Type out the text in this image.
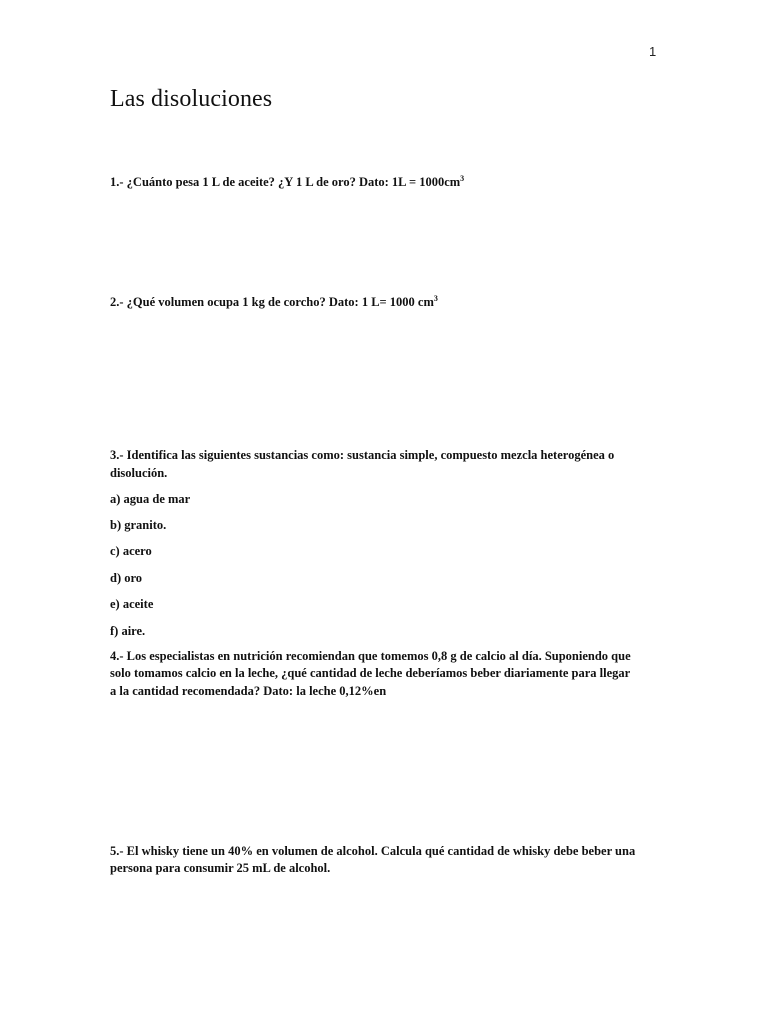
1
Las disoluciones

1.- ¿Cuánto pesa 1 L de aceite? ¿Y 1 L de oro? Dato: $1L = 1000cm^3$

2.- ¿Qué volumen ocupa 1 kg de corcho? Dato: 1 L= 1000 $cm^3$

3.- Identifica las siguientes sustancias como: sustancia simple, compuesto mezcla heterogénea o disolución.

a) agua de mar

b) granito.

c) acero

d) oro

e) aceite

f) aire.

4.- Los especialistas en nutrición recomiendan que tomemos 0,8 g de calcio al día. Suponiendo que

solo tomamos calcio en la leche, ¿qué cantidad de leche deberíamos beber diariamente para llegar

a la cantidad recomendada? Dato: la leche 0,12%en

5.- El whisky tiene un 40% en volumen de alcohol. Calcula qué cantidad de whisky debe beber una

persona para consumir 25 mL de alcohol.
